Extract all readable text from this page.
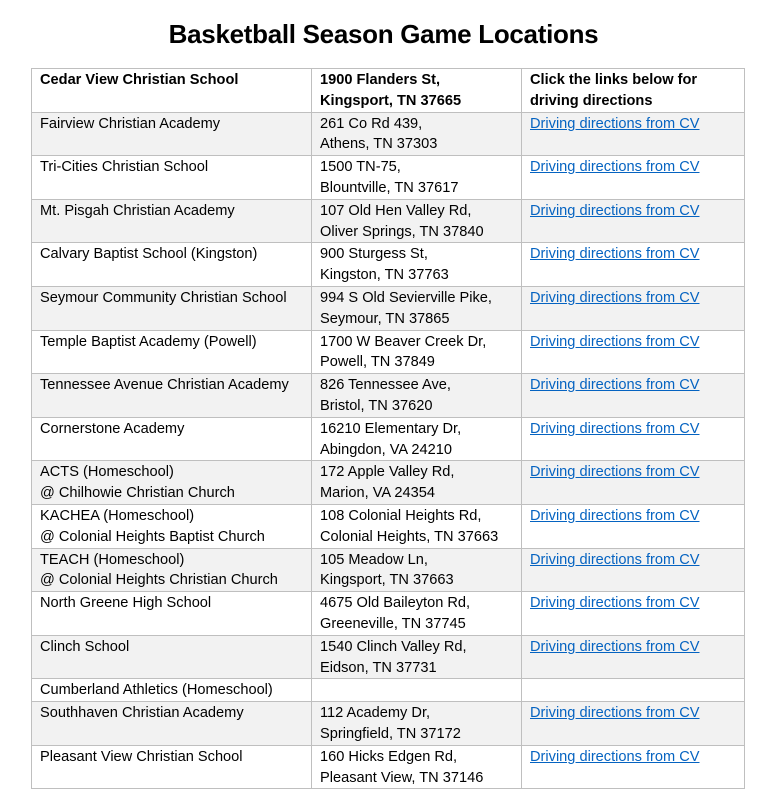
Basketball Season Game Locations
Cedar View Christian School	1900 Flanders St,
Kingsport, TN 37665	Click the links below for
driving directions

Fairview Christian Academy	261 Co Rd 439,
Athens, TN 37303	Driving directions from CV

Tri-Cities Christian School	1500 TN-75,
Blountville, TN 37617	Driving directions from CV

Mt. Pisgah Christian Academy	107 Old Hen Valley Rd,
Oliver Springs, TN 37840	Driving directions from CV

Calvary Baptist School (Kingston)	900 Sturgess St,
Kingston, TN 37763	Driving directions from CV

Seymour Community Christian School	994 S Old Sevierville Pike,
Seymour, TN 37865	Driving directions from CV

Temple Baptist Academy (Powell)	1700 W Beaver Creek Dr,
Powell, TN 37849	Driving directions from CV

Tennessee Avenue Christian Academy	826 Tennessee Ave,
Bristol, TN 37620	Driving directions from CV

Cornerstone Academy	16210 Elementary Dr,
Abingdon, VA 24210	Driving directions from CV

ACTS (Homeschool)
@ Chilhowie Christian Church	172 Apple Valley Rd,
Marion, VA 24354	Driving directions from CV

KACHEA (Homeschool)
@ Colonial Heights Baptist Church	108 Colonial Heights Rd,
Colonial Heights, TN 37663	Driving directions from CV

TEACH (Homeschool)
@ Colonial Heights Christian Church	105 Meadow Ln,
Kingsport, TN 37663	Driving directions from CV

North Greene High School	4675 Old Baileyton Rd,
Greeneville, TN 37745	Driving directions from CV

Clinch School	1540 Clinch Valley Rd,
Eidson, TN 37731	Driving directions from CV

Cumberland Athletics (Homeschool)		

Southhaven Christian Academy	112 Academy Dr,
Springfield, TN 37172	Driving directions from CV

Pleasant View Christian School	160 Hicks Edgen Rd,
Pleasant View, TN 37146	Driving directions from CV
